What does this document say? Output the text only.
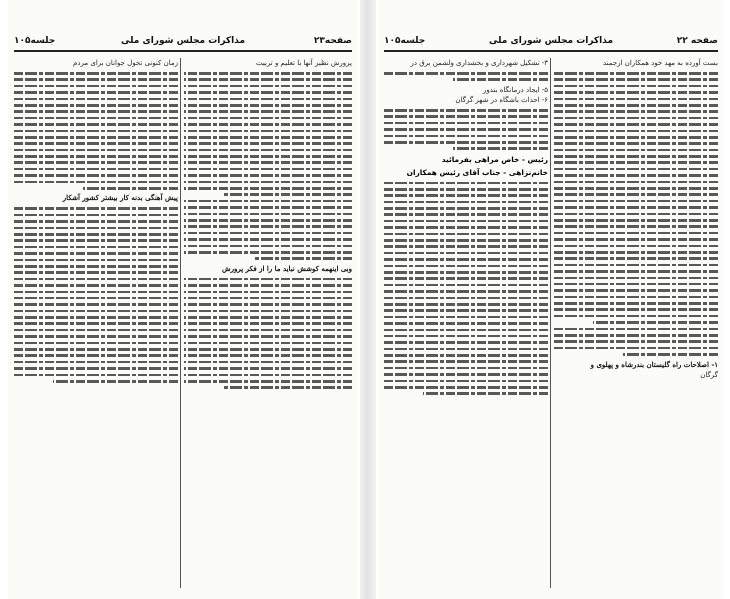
صفحه۲۳
مذاکرات مجلس شورای ملی
جلسه۱۰۵
پرورش نظیر آنها با تعلیم و تربیت
وبی اینهمه کوشش نباید ما را از فکر پرورش
زمان کنونی تحول جوانان برای مردم
پیش آهنگی بدنه کار بیشتر کشور آشکار
صفحه ۲۲
مذاکرات مجلس شورای ملی
جلسه۱۰۵
بست آورده به مهد خود همکاران ارجمند
۱- اصلاحات راه گلیستان بندرشاه و پهلوی و
گرگان
۳- تشکیل شهرداری و بخشداری ولشمن برق در
۵- ایجاد درمانگاه بندور
۶- احداث باشگاه در شهر گرگان
رئیس - خاص مراهی بفرمائید
خانم‌نزاهی - جناب آقای رئیس همکاران
